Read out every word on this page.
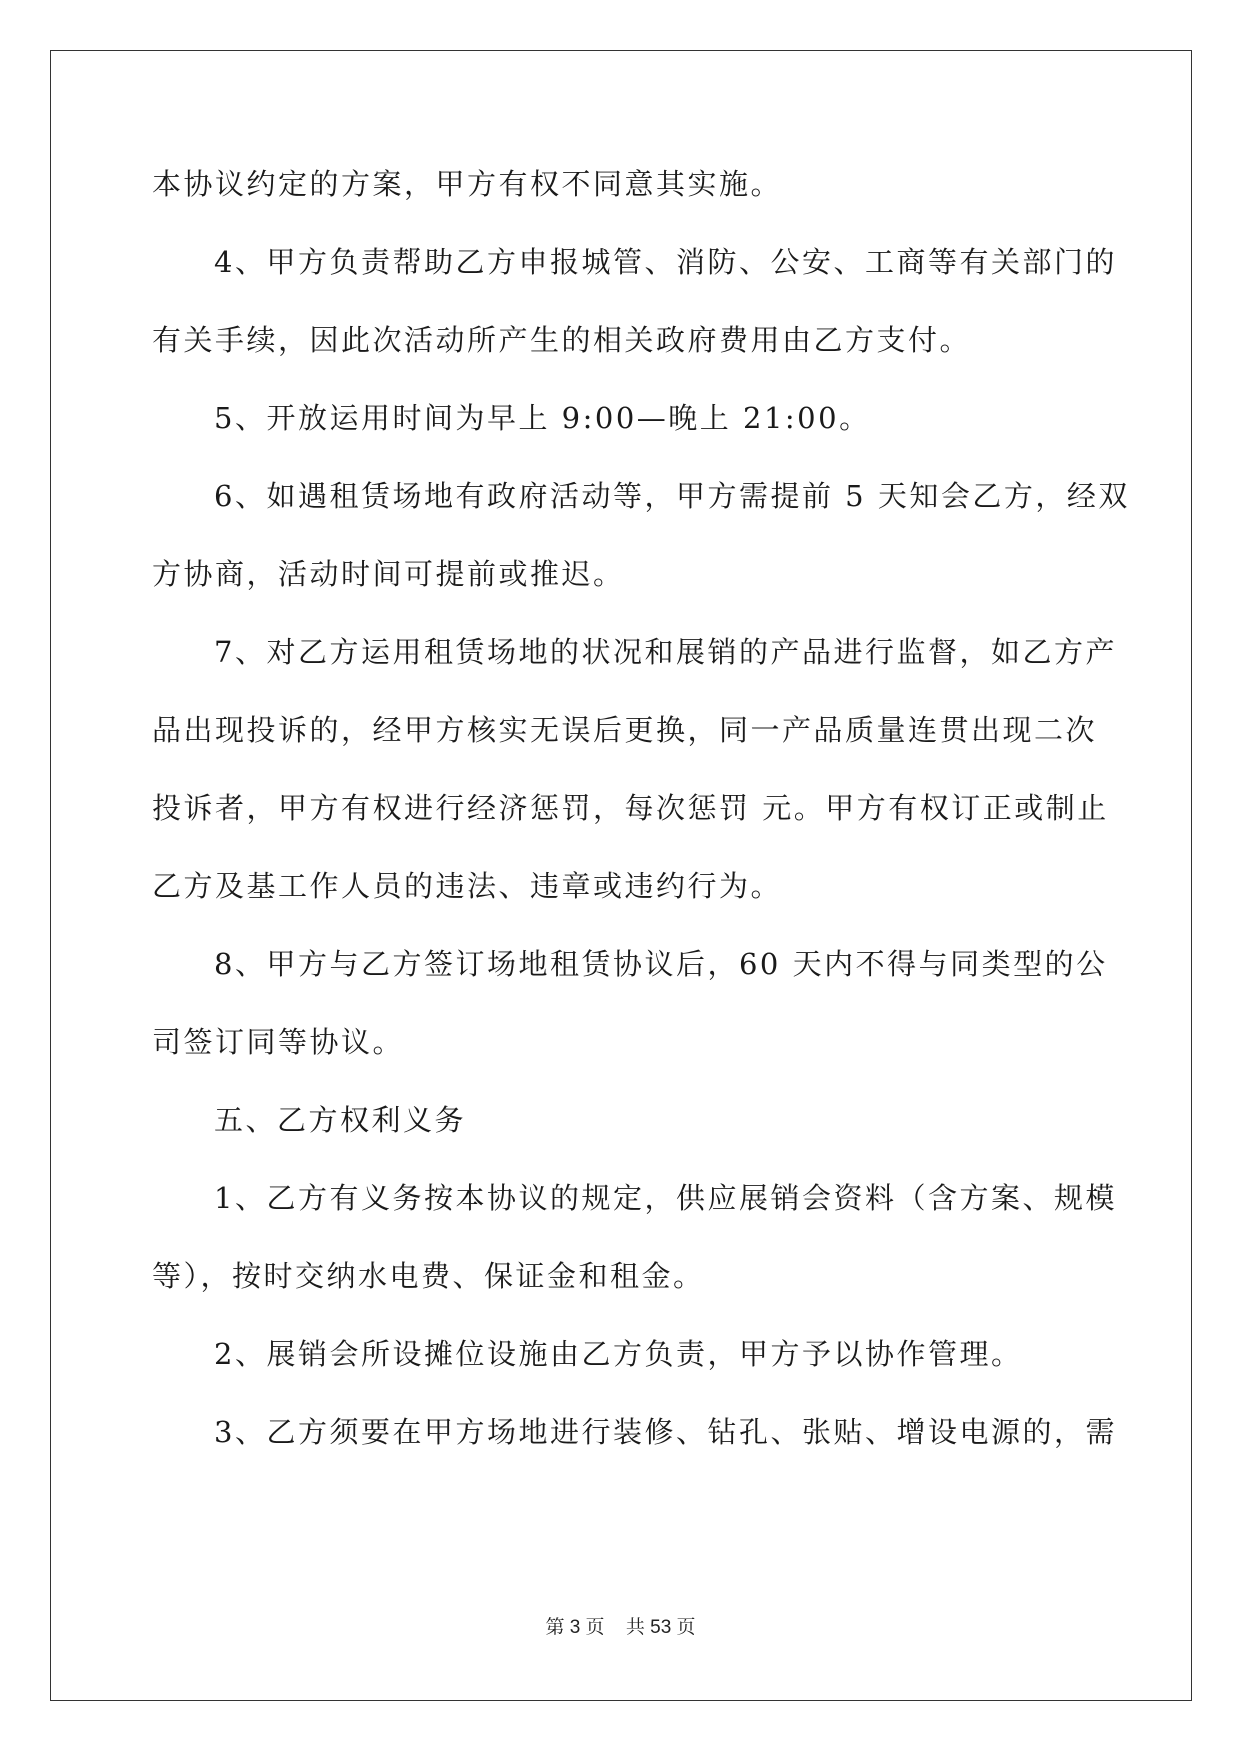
本协议约定的方案，甲方有权不同意其实施。
4、甲方负责帮助乙方申报城管、消防、公安、工商等有关部门的
有关手续，因此次活动所产生的相关政府费用由乙方支付。
5、开放运用时间为早上 9:00—晚上 21:00。
6、如遇租赁场地有政府活动等，甲方需提前 5 天知会乙方，经双
方协商，活动时间可提前或推迟。
7、对乙方运用租赁场地的状况和展销的产品进行监督，如乙方产
品出现投诉的，经甲方核实无误后更换，同一产品质量连贯出现二次
投诉者，甲方有权进行经济惩罚，每次惩罚 元。甲方有权订正或制止
乙方及基工作人员的违法、违章或违约行为。
8、甲方与乙方签订场地租赁协议后，60 天内不得与同类型的公
司签订同等协议。
五、乙方权利义务
1、乙方有义务按本协议的规定，供应展销会资料（含方案、规模
等），按时交纳水电费、保证金和租金。
2、展销会所设摊位设施由乙方负责，甲方予以协作管理。
3、乙方须要在甲方场地进行装修、钻孔、张贴、增设电源的，需
第 3 页 共 53 页
